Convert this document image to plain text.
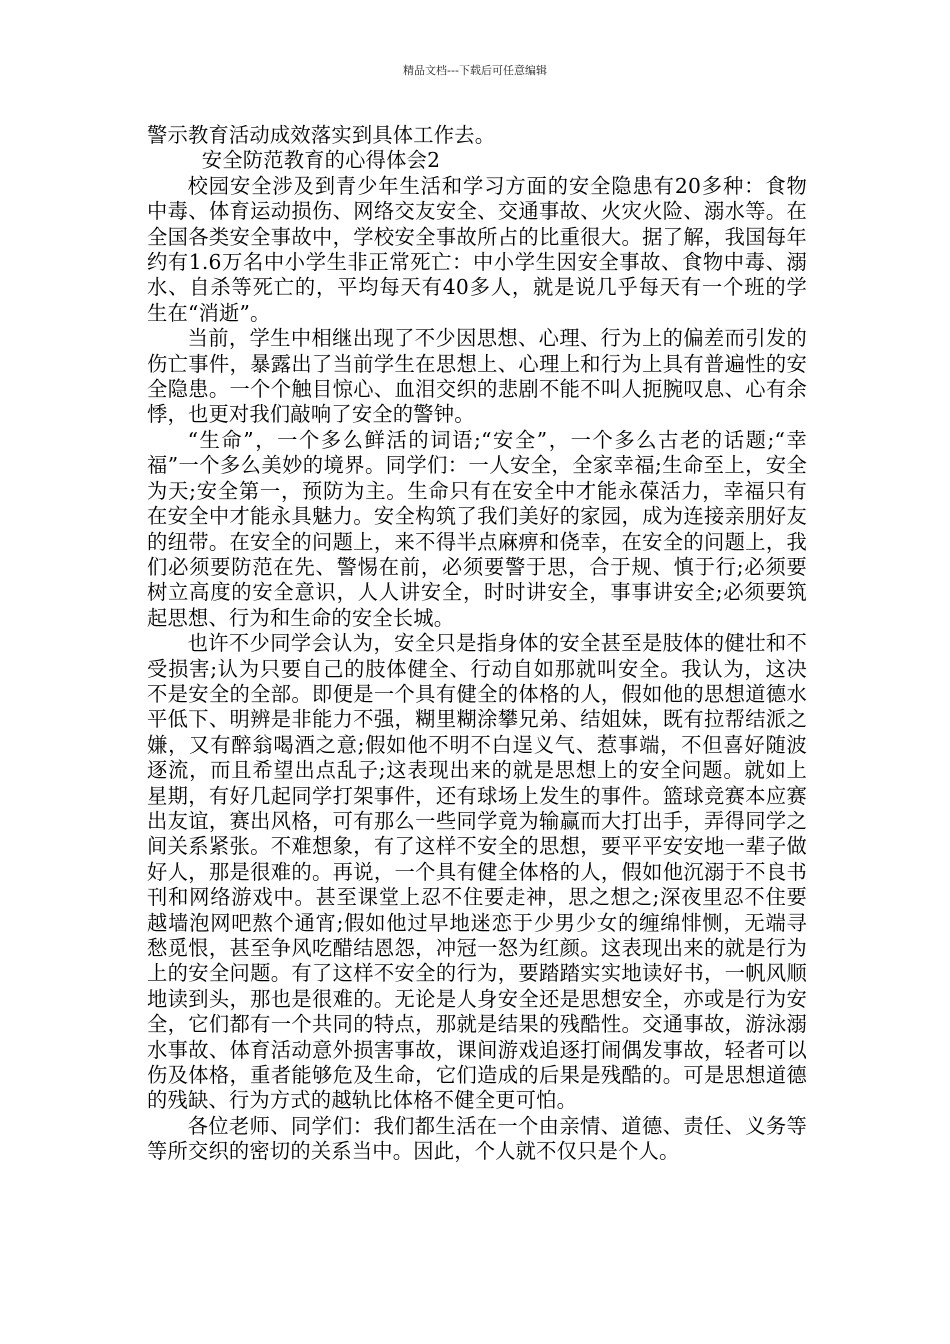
精品文档---下载后可任意编辑

警示教育活动成效落实到具体工作去。

安全防范教育的心得体会2

校园安全涉及到青少年生活和学习方面的安全隐患有20多种：食物中毒、体育运动损伤、网络交友安全、交通事故、火灾火险、溺水等。在全国各类安全事故中，学校安全事故所占的比重很大。据了解，我国每年约有1.6万名中小学生非正常死亡：中小学生因安全事故、食物中毒、溺水、自杀等死亡的，平均每天有40多人，就是说几乎每天有一个班的学生在“消逝”。

当前，学生中相继出现了不少因思想、心理、行为上的偏差而引发的伤亡事件，暴露出了当前学生在思想上、心理上和行为上具有普遍性的安全隐患。一个个触目惊心、血泪交织的悲剧不能不叫人扼腕叹息、心有余悸，也更对我们敲响了安全的警钟。

“生命”，一个多么鲜活的词语;“安全”，一个多么古老的话题;“幸福”一个多么美妙的境界。同学们：一人安全，全家幸福;生命至上，安全为天;安全第一，预防为主。生命只有在安全中才能永葆活力，幸福只有在安全中才能永具魅力。安全构筑了我们美好的家园，成为连接亲朋好友的纽带。在安全的问题上，来不得半点麻痹和侥幸，在安全的问题上，我们必须要防范在先、警惕在前，必须要警于思，合于规、慎于行;必须要树立高度的安全意识，人人讲安全，时时讲安全，事事讲安全;必须要筑起思想、行为和生命的安全长城。

也许不少同学会认为，安全只是指身体的安全甚至是肢体的健壮和不受损害;认为只要自己的肢体健全、行动自如那就叫安全。我认为，这决不是安全的全部。即便是一个具有健全的体格的人，假如他的思想道德水平低下、明辨是非能力不强，糊里糊涂攀兄弟、结姐妹，既有拉帮结派之嫌，又有醉翁喝酒之意;假如他不明不白逞义气、惹事端，不但喜好随波逐流，而且希望出点乱子;这表现出来的就是思想上的安全问题。就如上星期，有好几起同学打架事件，还有球场上发生的事件。篮球竞赛本应赛出友谊，赛出风格，可有那么一些同学竟为输赢而大打出手，弄得同学之间关系紧张。不难想象，有了这样不安全的思想，要平平安安地一辈子做好人，那是很难的。再说，一个具有健全体格的人，假如他沉溺于不良书刊和网络游戏中。甚至课堂上忍不住要走神，思之想之;深夜里忍不住要越墙泡网吧熬个通宵;假如他过早地迷恋于少男少女的缠绵悱恻，无端寻愁觅恨，甚至争风吃醋结恩怨，冲冠一怒为红颜。这表现出来的就是行为上的安全问题。有了这样不安全的行为，要踏踏实实地读好书，一帆风顺地读到头，那也是很难的。无论是人身安全还是思想安全，亦或是行为安全，它们都有一个共同的特点，那就是结果的残酷性。交通事故，游泳溺水事故、体育活动意外损害事故，课间游戏追逐打闹偶发事故，轻者可以伤及体格，重者能够危及生命，它们造成的后果是残酷的。可是思想道德的残缺、行为方式的越轨比体格不健全更可怕。

各位老师、同学们：我们都生活在一个由亲情、道德、责任、义务等等所交织的密切的关系当中。因此，个人就不仅只是个人。
